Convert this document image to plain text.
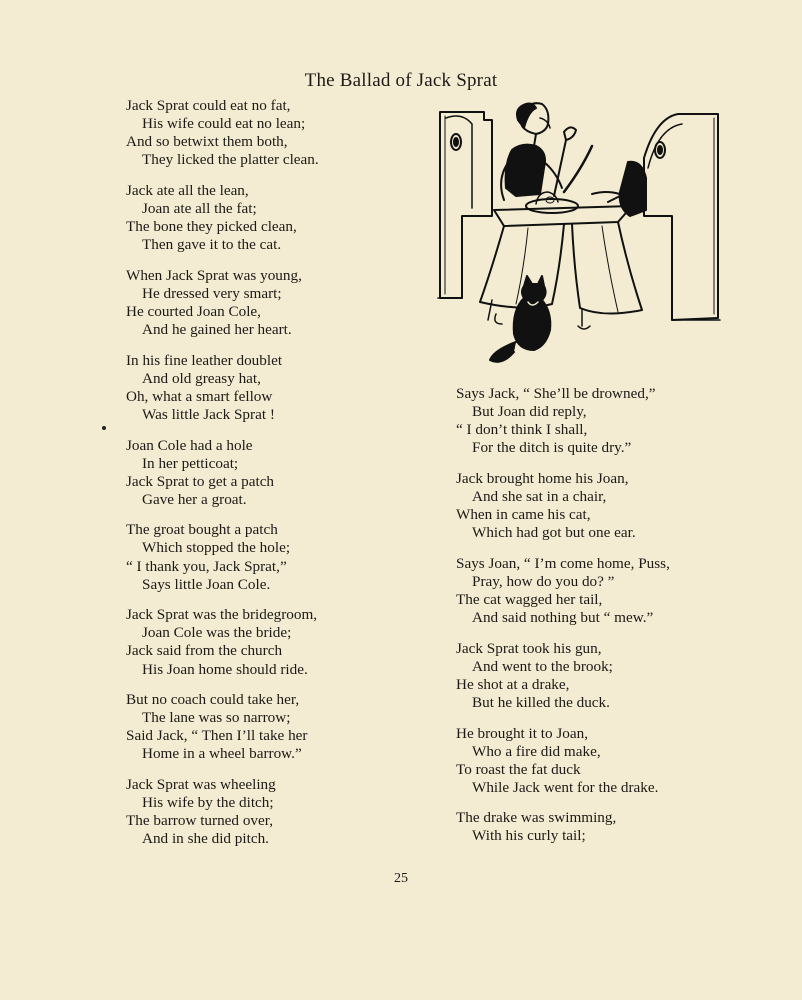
The Ballad of Jack Sprat
Jack Sprat could eat no fat,
His wife could eat no lean;
And so betwixt them both,
They licked the platter clean.
Jack ate all the lean,
Joan ate all the fat;
The bone they picked clean,
Then gave it to the cat.
When Jack Sprat was young,
He dressed very smart;
He courted Joan Cole,
And he gained her heart.
In his fine leather doublet
And old greasy hat,
Oh, what a smart fellow
Was little Jack Sprat !
Joan Cole had a hole
In her petticoat;
Jack Sprat to get a patch
Gave her a groat.
The groat bought a patch
Which stopped the hole;
“ I thank you, Jack Sprat,”
Says little Joan Cole.
Jack Sprat was the bridegroom,
Joan Cole was the bride;
Jack said from the church
His Joan home should ride.
But no coach could take her,
The lane was so narrow;
Said Jack, “ Then I’ll take her
Home in a wheel barrow.”
Jack Sprat was wheeling
His wife by the ditch;
The barrow turned over,
And in she did pitch.
Says Jack, “ She’ll be drowned,”
But Joan did reply,
“ I don’t think I shall,
For the ditch is quite dry.”
Jack brought home his Joan,
And she sat in a chair,
When in came his cat,
Which had got but one ear.
Says Joan, “ I’m come home, Puss,
Pray, how do you do? ”
The cat wagged her tail,
And said nothing but “ mew.”
Jack Sprat took his gun,
And went to the brook;
He shot at a drake,
But he killed the duck.
He brought it to Joan,
Who a fire did make,
To roast the fat duck
While Jack went for the drake.
The drake was swimming,
With his curly tail;
25
